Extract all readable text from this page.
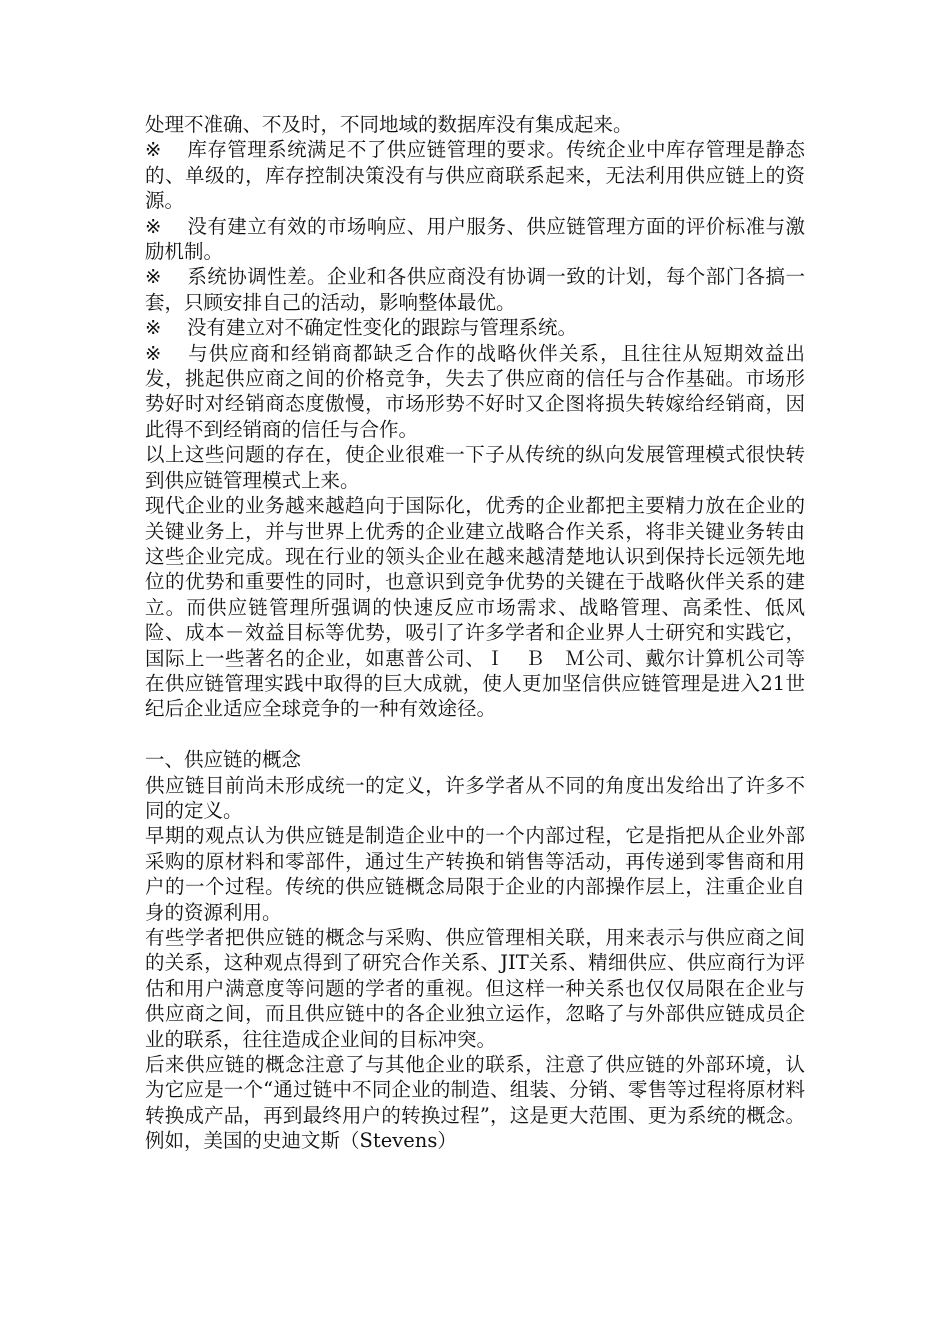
处理不准确、不及时，不同地域的数据库没有集成起来。

※ 库存管理系统满足不了供应链管理的要求。传统企业中库存管理是静态的、单级的，库存控制决策没有与供应商联系起来，无法利用供应链上的资源。

※ 没有建立有效的市场响应、用户服务、供应链管理方面的评价标准与激励机制。

※ 系统协调性差。企业和各供应商没有协调一致的计划，每个部门各搞一套，只顾安排自己的活动，影响整体最优。

※ 没有建立对不确定性变化的跟踪与管理系统。

※ 与供应商和经销商都缺乏合作的战略伙伴关系，且往往从短期效益出发，挑起供应商之间的价格竞争，失去了供应商的信任与合作基础。市场形势好时对经销商态度傲慢，市场形势不好时又企图将损失转嫁给经销商，因此得不到经销商的信任与合作。

以上这些问题的存在，使企业很难一下子从传统的纵向发展管理模式很快转到供应链管理模式上来。

现代企业的业务越来越趋向于国际化，优秀的企业都把主要精力放在企业的关键业务上，并与世界上优秀的企业建立战略合作关系，将非关键业务转由这些企业完成。现在行业的领头企业在越来越清楚地认识到保持长远领先地位的优势和重要性的同时，也意识到竞争优势的关键在于战略伙伴关系的建立。而供应链管理所强调的快速反应市场需求、战略管理、高柔性、低风险、成本－效益目标等优势，吸引了许多学者和企业界人士研究和实践它，国际上一些著名的企业，如惠普公司、Ｉ　Ｂ　Ｍ公司、戴尔计算机公司等在供应链管理实践中取得的巨大成就，使人更加坚信供应链管理是进入21世纪后企业适应全球竞争的一种有效途径。

一、供应链的概念

供应链目前尚未形成统一的定义，许多学者从不同的角度出发给出了许多不同的定义。

早期的观点认为供应链是制造企业中的一个内部过程，它是指把从企业外部采购的原材料和零部件，通过生产转换和销售等活动，再传递到零售商和用户的一个过程。传统的供应链概念局限于企业的内部操作层上，注重企业自身的资源利用。

有些学者把供应链的概念与采购、供应管理相关联，用来表示与供应商之间的关系，这种观点得到了研究合作关系、JIT关系、精细供应、供应商行为评估和用户满意度等问题的学者的重视。但这样一种关系也仅仅局限在企业与供应商之间，而且供应链中的各企业独立运作，忽略了与外部供应链成员企业的联系，往往造成企业间的目标冲突。

后来供应链的概念注意了与其他企业的联系，注意了供应链的外部环境，认为它应是一个“通过链中不同企业的制造、组装、分销、零售等过程将原材料转换成产品，再到最终用户的转换过程”，这是更大范围、更为系统的概念。例如，美国的史迪文斯（Stevens）
